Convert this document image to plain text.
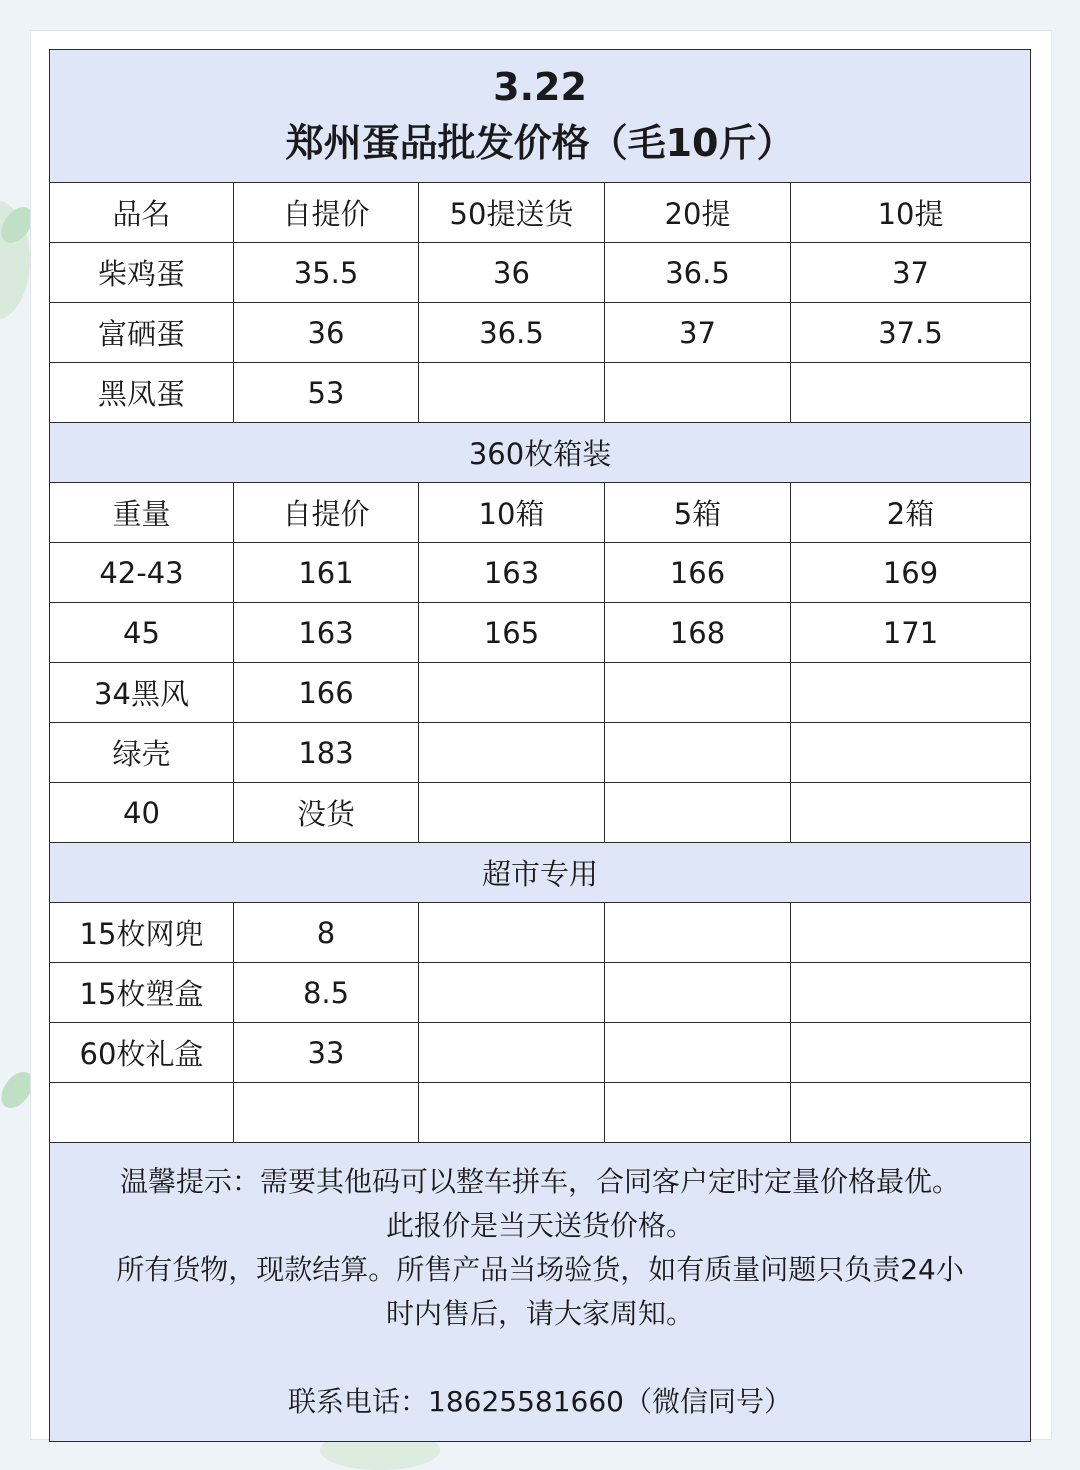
3.22
郑州蛋品批发价格（毛10斤）				

品名	自提价	50提送货	20提	10提
柴鸡蛋	35.5	36	36.5	37
富硒蛋	36	36.5	37	37.5
黑凤蛋	53			
360枚箱装				
重量	自提价	10箱	5箱	2箱
42-43	161	163	166	169
45	163	165	168	171
34黑风	166			
绿壳	183			
40	没货			
超市专用				
15枚网兜	8			
15枚塑盒	8.5			
60枚礼盒	33			

温馨提示：需要其他码可以整车拼车，合同客户定时定量价格最优。
此报价是当天送货价格。
所有货物，现款结算。所售产品当场验货，如有质量问题只负责24小
时内售后，请大家周知。
联系电话：18625581660（微信同号）				
